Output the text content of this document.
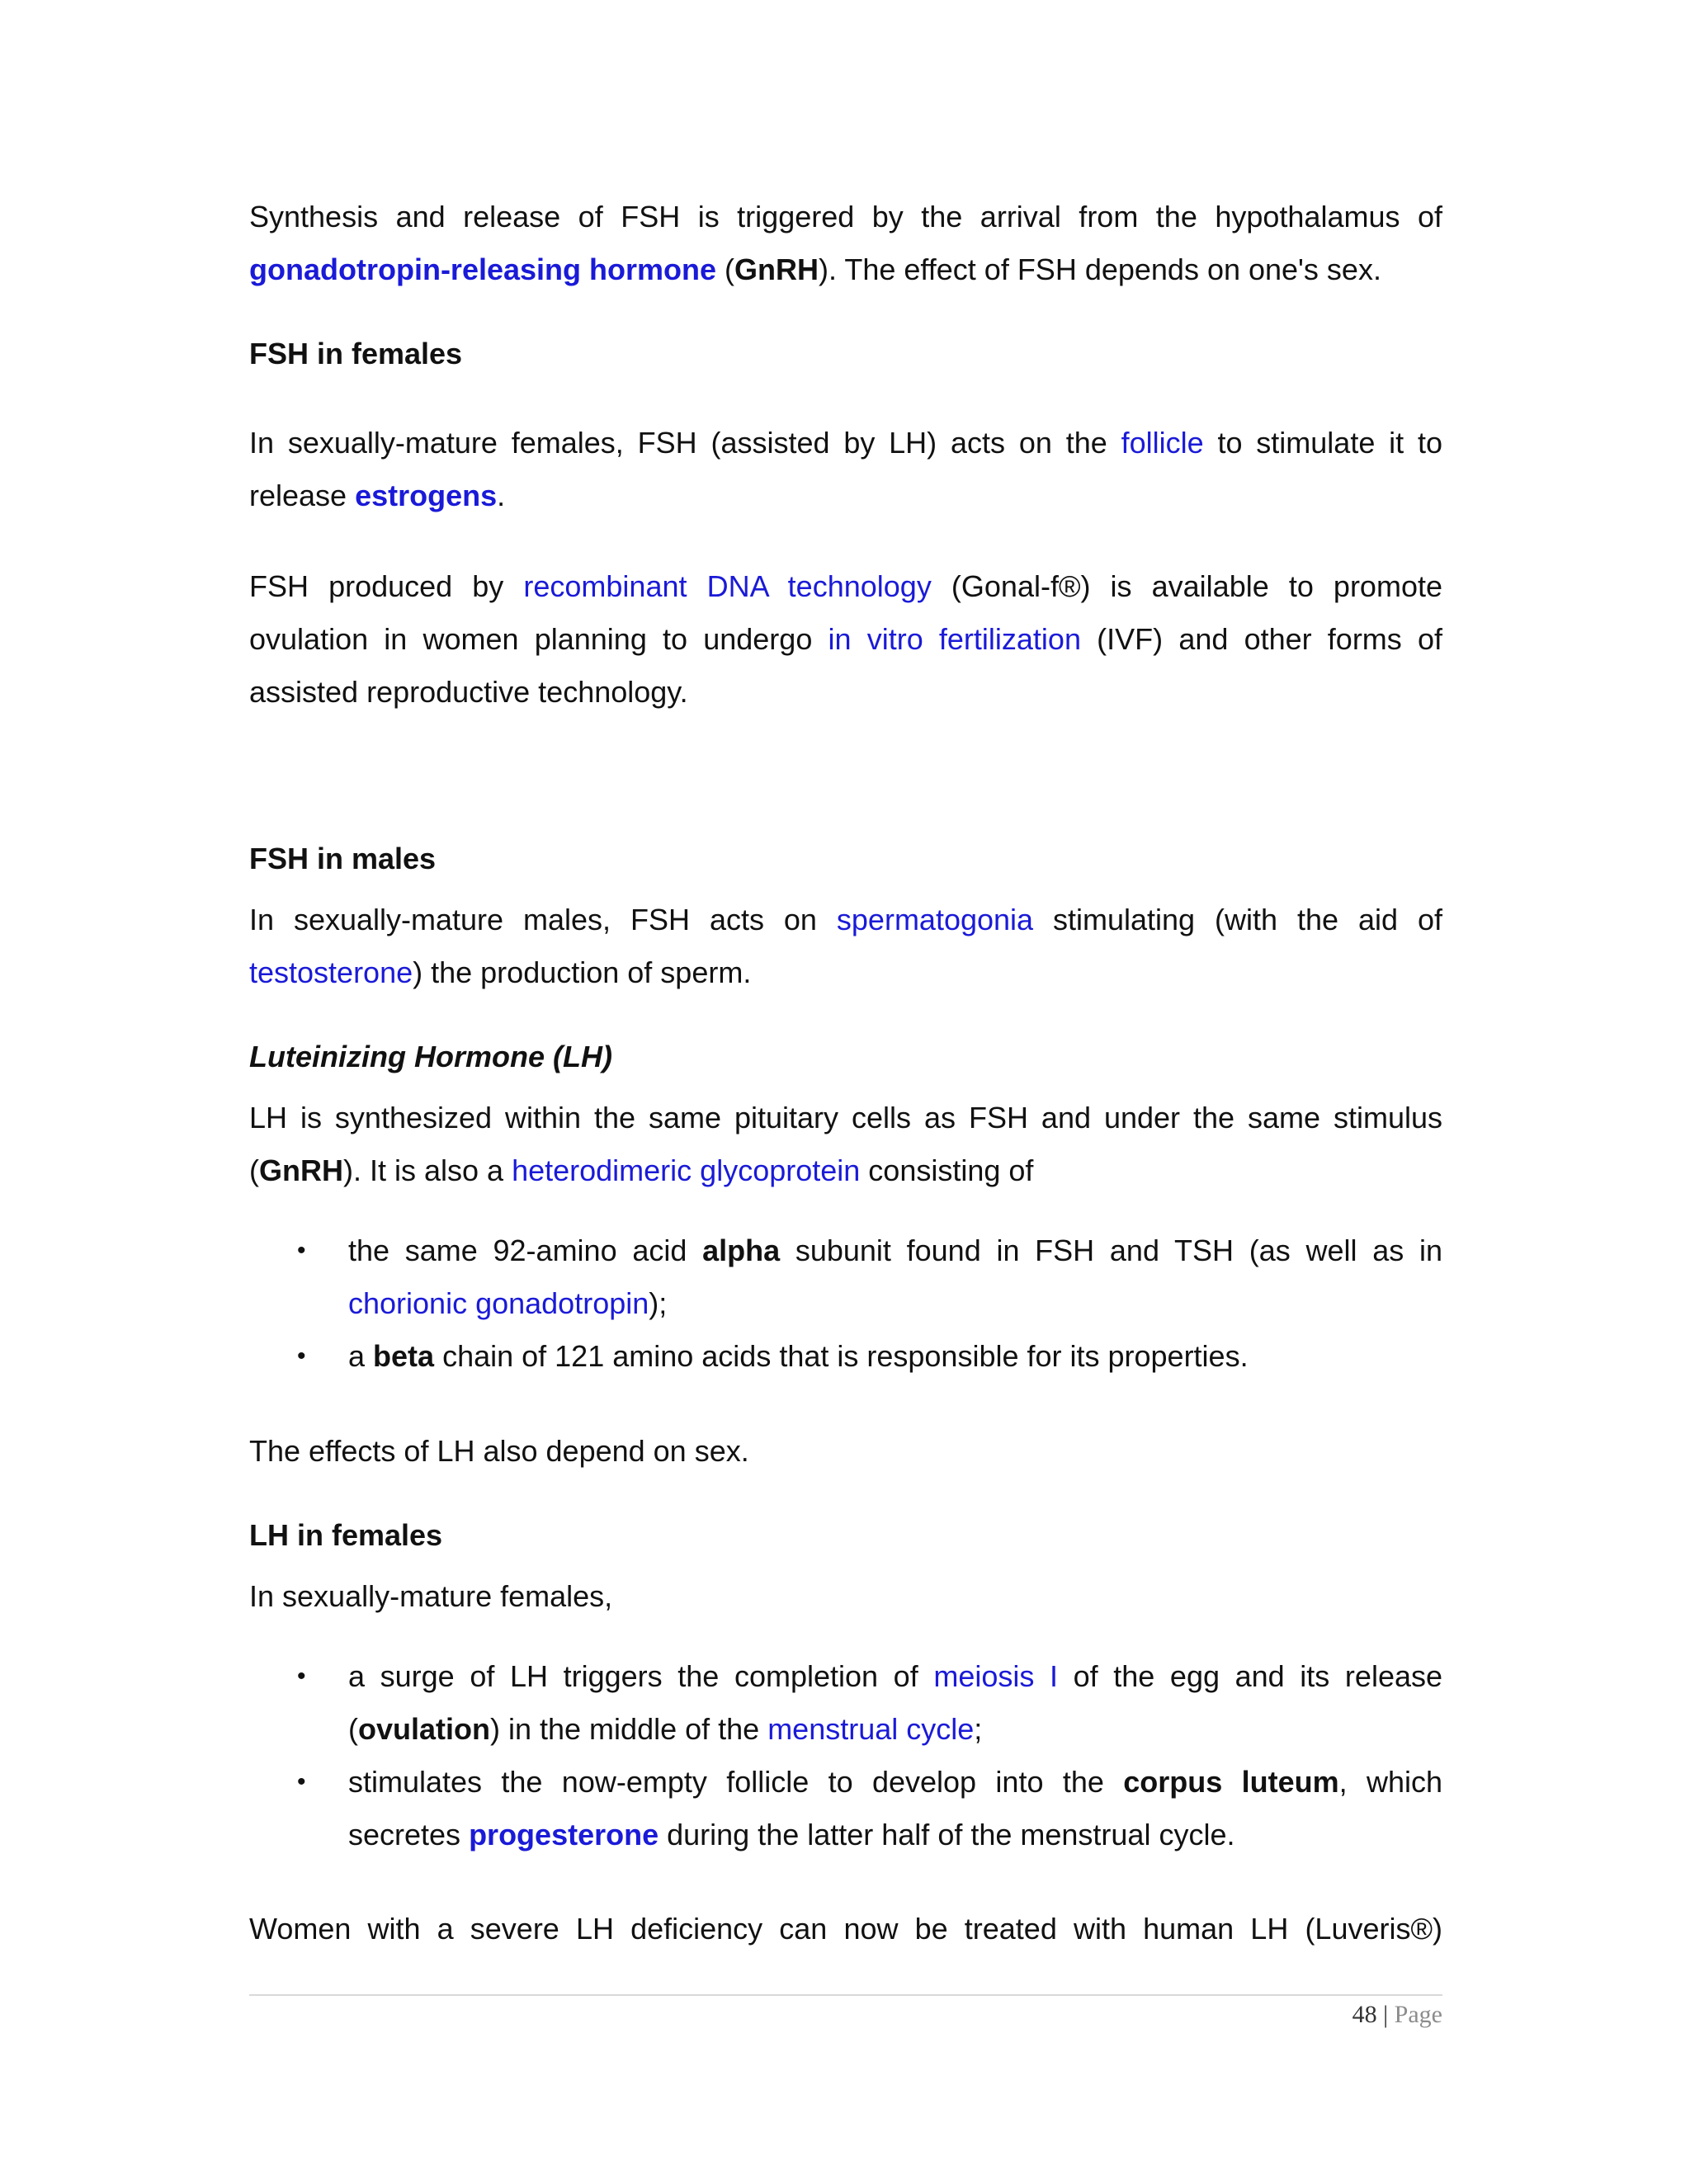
Synthesis and release of FSH is triggered by the arrival from the hypothalamus of gonadotropin-releasing hormone (GnRH). The effect of FSH depends on one's sex.

FSH in females

In sexually-mature females, FSH (assisted by LH) acts on the follicle to stimulate it to release estrogens.

FSH produced by recombinant DNA technology (Gonal-f®) is available to promote ovulation in women planning to undergo in vitro fertilization (IVF) and other forms of assisted reproductive technology.

FSH in males

In sexually-mature males, FSH acts on spermatogonia stimulating (with the aid of testosterone) the production of sperm.

Luteinizing Hormone (LH)

LH is synthesized within the same pituitary cells as FSH and under the same stimulus (GnRH). It is also a heterodimeric glycoprotein consisting of

• the same 92-amino acid alpha subunit found in FSH and TSH (as well as in chorionic gonadotropin);
• a beta chain of 121 amino acids that is responsible for its properties.

The effects of LH also depend on sex.

LH in females

In sexually-mature females,

• a surge of LH triggers the completion of meiosis I of the egg and its release (ovulation) in the middle of the menstrual cycle;
• stimulates the now-empty follicle to develop into the corpus luteum, which secretes progesterone during the latter half of the menstrual cycle.

Women with a severe LH deficiency can now be treated with human LH (Luveris®)

48 | Page
